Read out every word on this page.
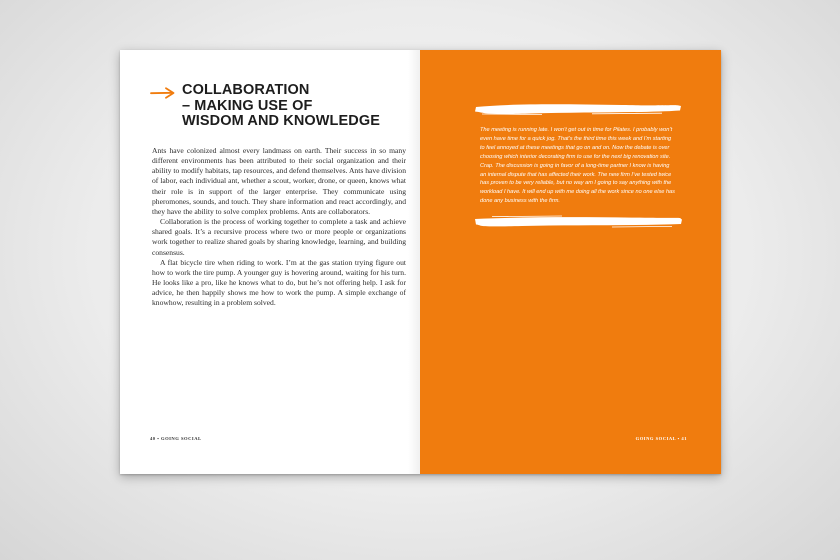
COLLABORATION
– MAKING USE OF
WISDOM AND KNOWLEDGE

Ants have colonized almost every landmass on earth. Their success in so many different environments has been attributed to their social organization and their ability to modify habitats, tap resources, and defend themselves. Ants have division of labor, each individual ant, whether a scout, worker, drone, or queen, knows what their role is in support of the larger enterprise. They communicate using pheromones, sounds, and touch. They share information and react accordingly, and they have the ability to solve complex problems. Ants are collaborators.

Collaboration is the process of working together to complete a task and achieve shared goals. It’s a recursive process where two or more people or organizations work together to realize shared goals by sharing knowledge, learning, and building consensus.

A flat bicycle tire when riding to work. I’m at the gas station trying figure out how to work the tire pump. A younger guy is hovering around, waiting for his turn. He looks like a pro, like he knows what to do, but he’s not offering help. I ask for advice, he then happily shows me how to work the pump. A simple exchange of knowhow, resulting in a problem solved.

40 • GOING SOCIAL
The meeting is running late. I won’t get out in time for Pilates. I probably won’t even have time for a quick jog. That’s the third time this week and I’m starting to feel annoyed at these meetings that go on and on. Now the debate is over choosing which interior decorating firm to use for the next big renovation site. Crap. The discussion is going in favor of a long-time partner I know is having an internal dispute that has affected their work. The new firm I’ve tested twice has proven to be very reliable, but no way am I going to say anything with the workload I have. It will end up with me doing all the work since no one else has done any business with the firm.
GOING SOCIAL • 41
